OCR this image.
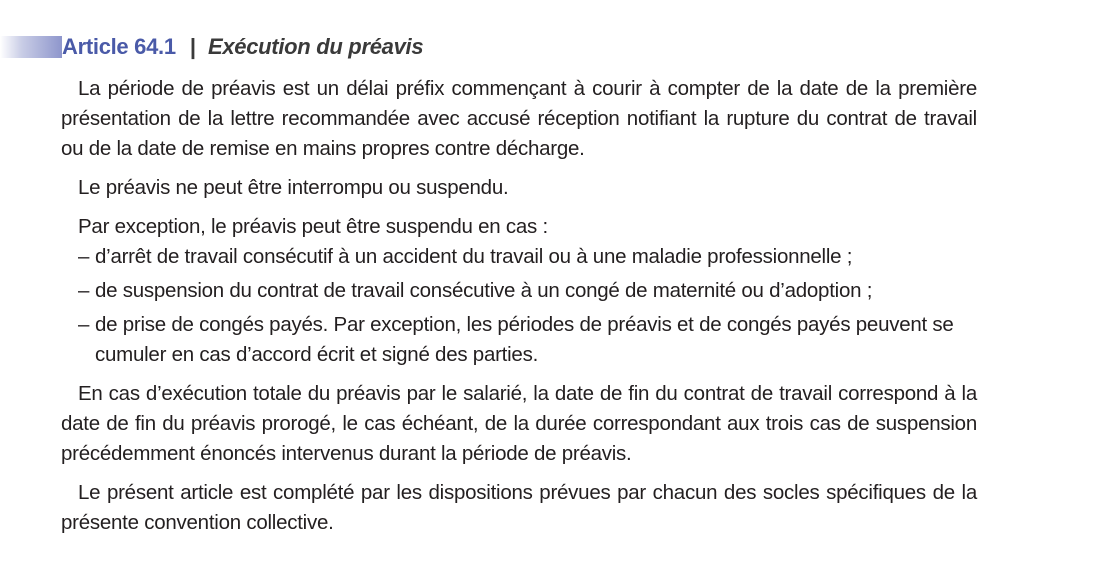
Article 64.1 | Exécution du préavis

La période de préavis est un délai préfix commençant à courir à compter de la date de la première présentation de la lettre recommandée avec accusé réception notifiant la rupture du contrat de travail ou de la date de remise en mains propres contre décharge.

Le préavis ne peut être interrompu ou suspendu.

Par exception, le préavis peut être suspendu en cas :

– d’arrêt de travail consécutif à un accident du travail ou à une maladie professionnelle ;
– de suspension du contrat de travail consécutive à un congé de maternité ou d’adoption ;
– de prise de congés payés. Par exception, les périodes de préavis et de congés payés peuvent se cumuler en cas d’accord écrit et signé des parties.

En cas d’exécution totale du préavis par le salarié, la date de fin du contrat de travail correspond à la date de fin du préavis prorogé, le cas échéant, de la durée correspondant aux trois cas de suspension précédemment énoncés intervenus durant la période de préavis.

Le présent article est complété par les dispositions prévues par chacun des socles spécifiques de la présente convention collective.
